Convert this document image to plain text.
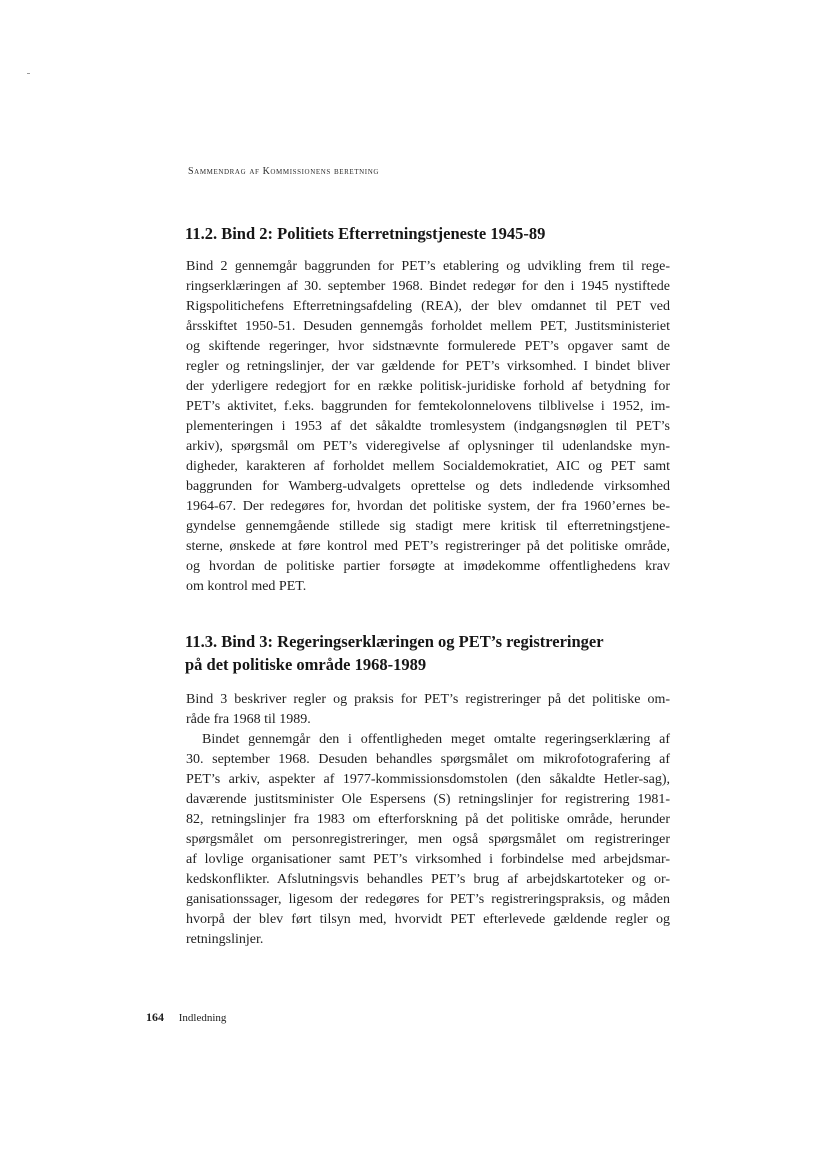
Sammendrag af Kommissionens beretning
11.2. Bind 2: Politiets Efterretningstjeneste 1945-89
Bind 2 gennemgår baggrunden for PET’s etablering og udvikling frem til rege-
ringserklæringen af 30. september 1968. Bindet redegør for den i 1945 nystiftede
Rigspolitichefens Efterretningsafdeling (REA), der blev omdannet til PET ved
årsskiftet 1950-51. Desuden gennemgås forholdet mellem PET, Justitsministeriet
og skiftende regeringer, hvor sidstnævnte formulerede PET’s opgaver samt de
regler og retningslinjer, der var gældende for PET’s virksomhed. I bindet bliver
der yderligere redegjort for en række politisk-juridiske forhold af betydning for
PET’s aktivitet, f.eks. baggrunden for femtekolonnelovens tilblivelse i 1952, im-
plementeringen i 1953 af det såkaldte tromlesystem (indgangsnøglen til PET’s
arkiv), spørgsmål om PET’s videregivelse af oplysninger til udenlandske myn-
digheder, karakteren af forholdet mellem Socialdemokratiet, AIC og PET samt
baggrunden for Wamberg-udvalgets oprettelse og dets indledende virksomhed
1964-67. Der redegøres for, hvordan det politiske system, der fra 1960’ernes be-
gyndelse gennemgående stillede sig stadigt mere kritisk til efterretningstjene-
sterne, ønskede at føre kontrol med PET’s registreringer på det politiske område,
og hvordan de politiske partier forsøgte at imødekomme offentlighedens krav
om kontrol med PET.
11.3. Bind 3: Regeringserklæringen og PET’s registreringer
på det politiske område 1968-1989
Bind 3 beskriver regler og praksis for PET’s registreringer på det politiske om-
råde fra 1968 til 1989.
Bindet gennemgår den i offentligheden meget omtalte regeringserklæring af
30. september 1968. Desuden behandles spørgsmålet om mikrofotografering af
PET’s arkiv, aspekter af 1977-kommissionsdomstolen (den såkaldte Hetler-sag),
daværende justitsminister Ole Espersens (S) retningslinjer for registrering 1981-
82, retningslinjer fra 1983 om efterforskning på det politiske område, herunder
spørgsmålet om personregistreringer, men også spørgsmålet om registreringer
af lovlige organisationer samt PET’s virksomhed i forbindelse med arbejdsmar-
kedskonflikter. Afslutningsvis behandles PET’s brug af arbejdskartoteker og or-
ganisationssager, ligesom der redegøres for PET’s registreringspraksis, og måden
hvorpå der blev ført tilsyn med, hvorvidt PET efterlevede gældende regler og
retningslinjer.
164 Indledning
